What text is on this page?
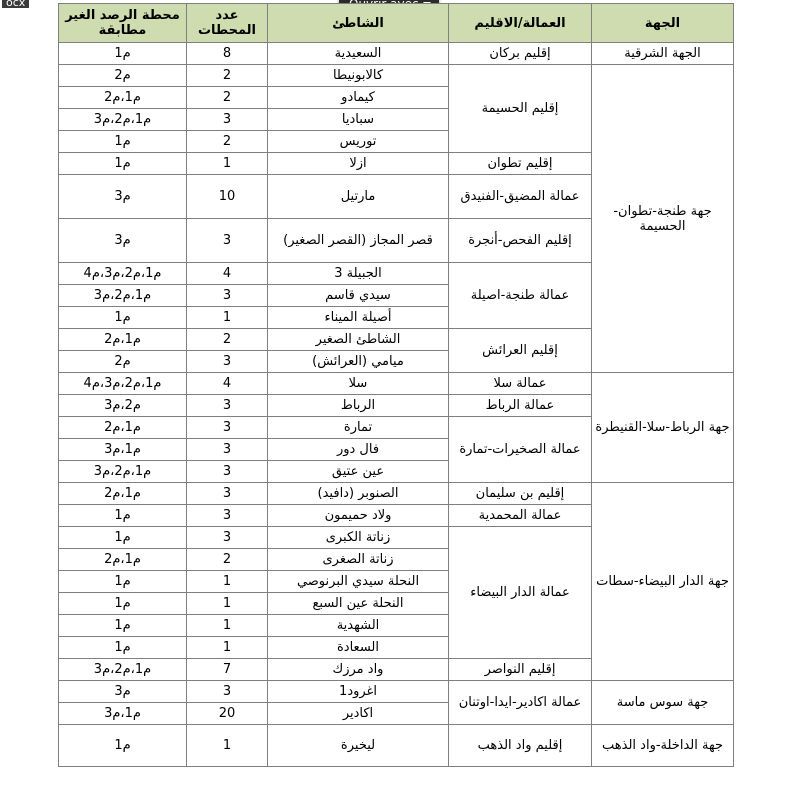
ocx
محطة الرصد الغير مطابقة	عدد المحطات	الشاطئ	العمالة/الاقليم	الجهة
م1	8	السعيدية	إقليم بركان	الجهة الشرقية
م2	2	كالابونيطا	إقليم الحسيمة	جهة طنجة-تطوان-الحسيمة
م1،م2	2	كيمادو		
م1،م2،م3	3	سباديا		
م1	2	توريس		
م1	1	ازلا	إقليم تطوان	
م3	10	مارتيل	عمالة المضيق-الفنيدق	
م3	3	قصر المجاز (القصر الصغير)	إقليم الفحص-أنجرة	
م1،م2،م3،م4	4	الجبيلة 3	عمالة طنجة-اصيلة	
م1،م2،م3	3	سيدي قاسم		
م1	1	أصيلة الميناء		
م1،م2	2	الشاطئ الصغير	إقليم العرائش	
م2	3	ميامي (العرائش)		
م1،م2،م3،م4	4	سلا	عمالة سلا	جهة الرباط-سلا-القنيطرة
م2،م3	3	الرباط	عمالة الرباط	
م1،م2	3	تمارة	عمالة الصخيرات-تمارة	
م1،م3	3	فال دور		
م1،م2،م3	3	عين عتيق		
م1،م2	3	الصنوبر (دافيد)	إقليم بن سليمان	جهة الدار البيضاء-سطات
م1	3	ولاد حميمون	عمالة المحمدية	
م1	3	زناتة الكبرى	عمالة الدار البيضاء	
م1،م2	2	زناتة الصغرى		
م1	1	النحلة سيدي البرنوصي		
م1	1	النحلة عين السبع		
م1	1	الشهدية		
م1	1	السعادة		
م1،م2،م3	7	واد مرزك	إقليم النواصر	
م3	3	اغرود1	عمالة اكادير-ايدا-اوتنان	جهة سوس ماسة
م1،م3	20	اكادير		
م1	1	ليخيرة	إقليم واد الذهب	جهة الداخلة-واد الذهب
